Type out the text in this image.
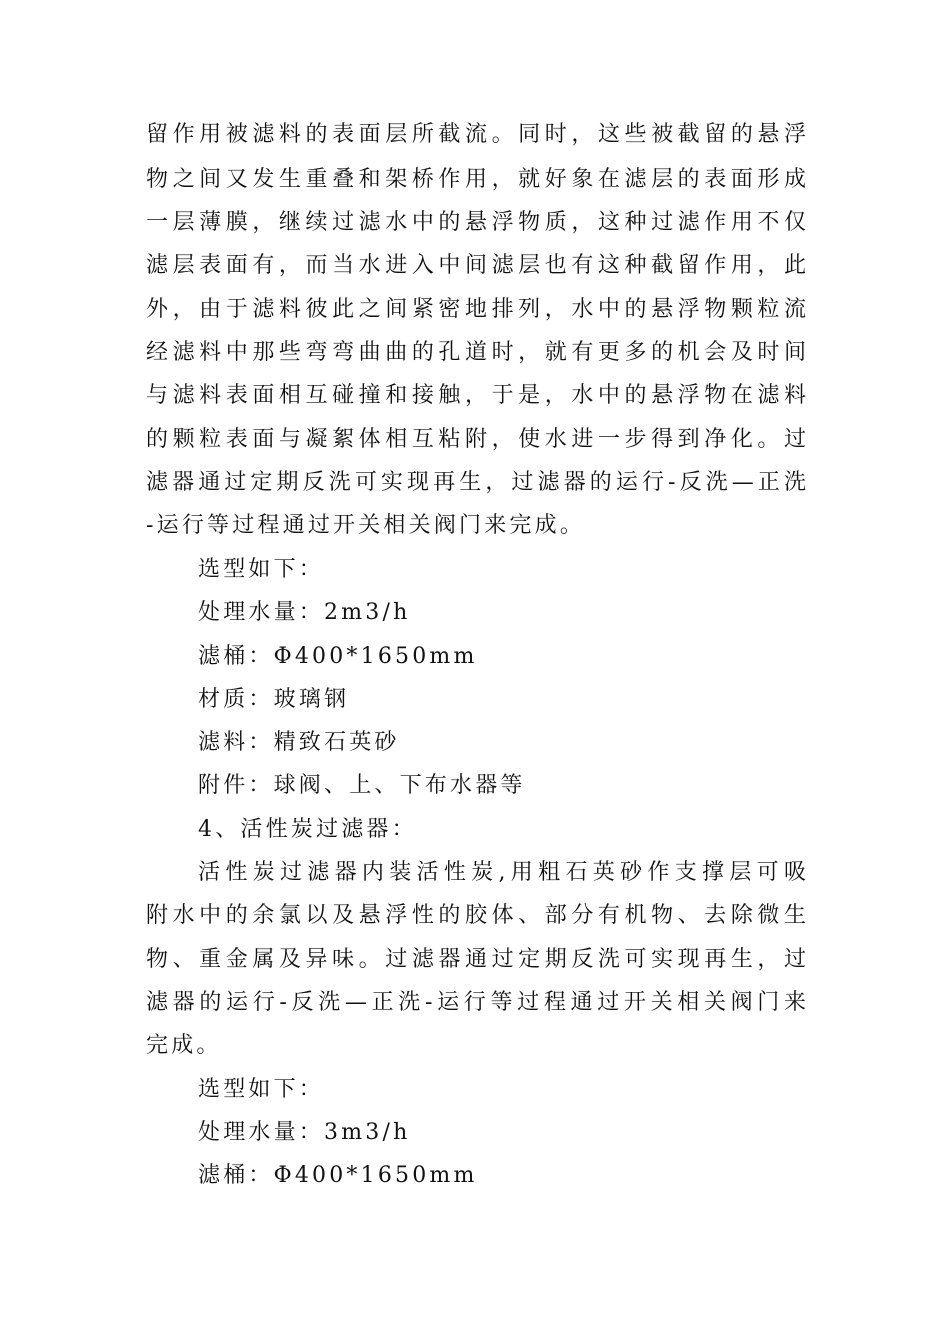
留作用被滤料的表面层所截流。同时，这些被截留的悬浮
物之间又发生重叠和架桥作用，就好象在滤层的表面形成
一层薄膜，继续过滤水中的悬浮物质，这种过滤作用不仅
滤层表面有，而当水进入中间滤层也有这种截留作用，此
外，由于滤料彼此之间紧密地排列，水中的悬浮物颗粒流
经滤料中那些弯弯曲曲的孔道时，就有更多的机会及时间
与滤料表面相互碰撞和接触，于是，水中的悬浮物在滤料
的颗粒表面与凝絮体相互粘附，使水进一步得到净化。过
滤器通过定期反洗可实现再生，过滤器的运行-反洗—正洗
-运行等过程通过开关相关阀门来完成。
选型如下：
处理水量：2m3/h
滤桶：Φ400*1650mm
材质：玻璃钢
滤料：精致石英砂
附件：球阀、上、下布水器等
4、活性炭过滤器：
活性炭过滤器内装活性炭,用粗石英砂作支撑层可吸
附水中的余氯以及悬浮性的胶体、部分有机物、去除微生
物、重金属及异味。过滤器通过定期反洗可实现再生，过
滤器的运行-反洗—正洗-运行等过程通过开关相关阀门来
完成。
选型如下：
处理水量：3m3/h
滤桶：Φ400*1650mm
